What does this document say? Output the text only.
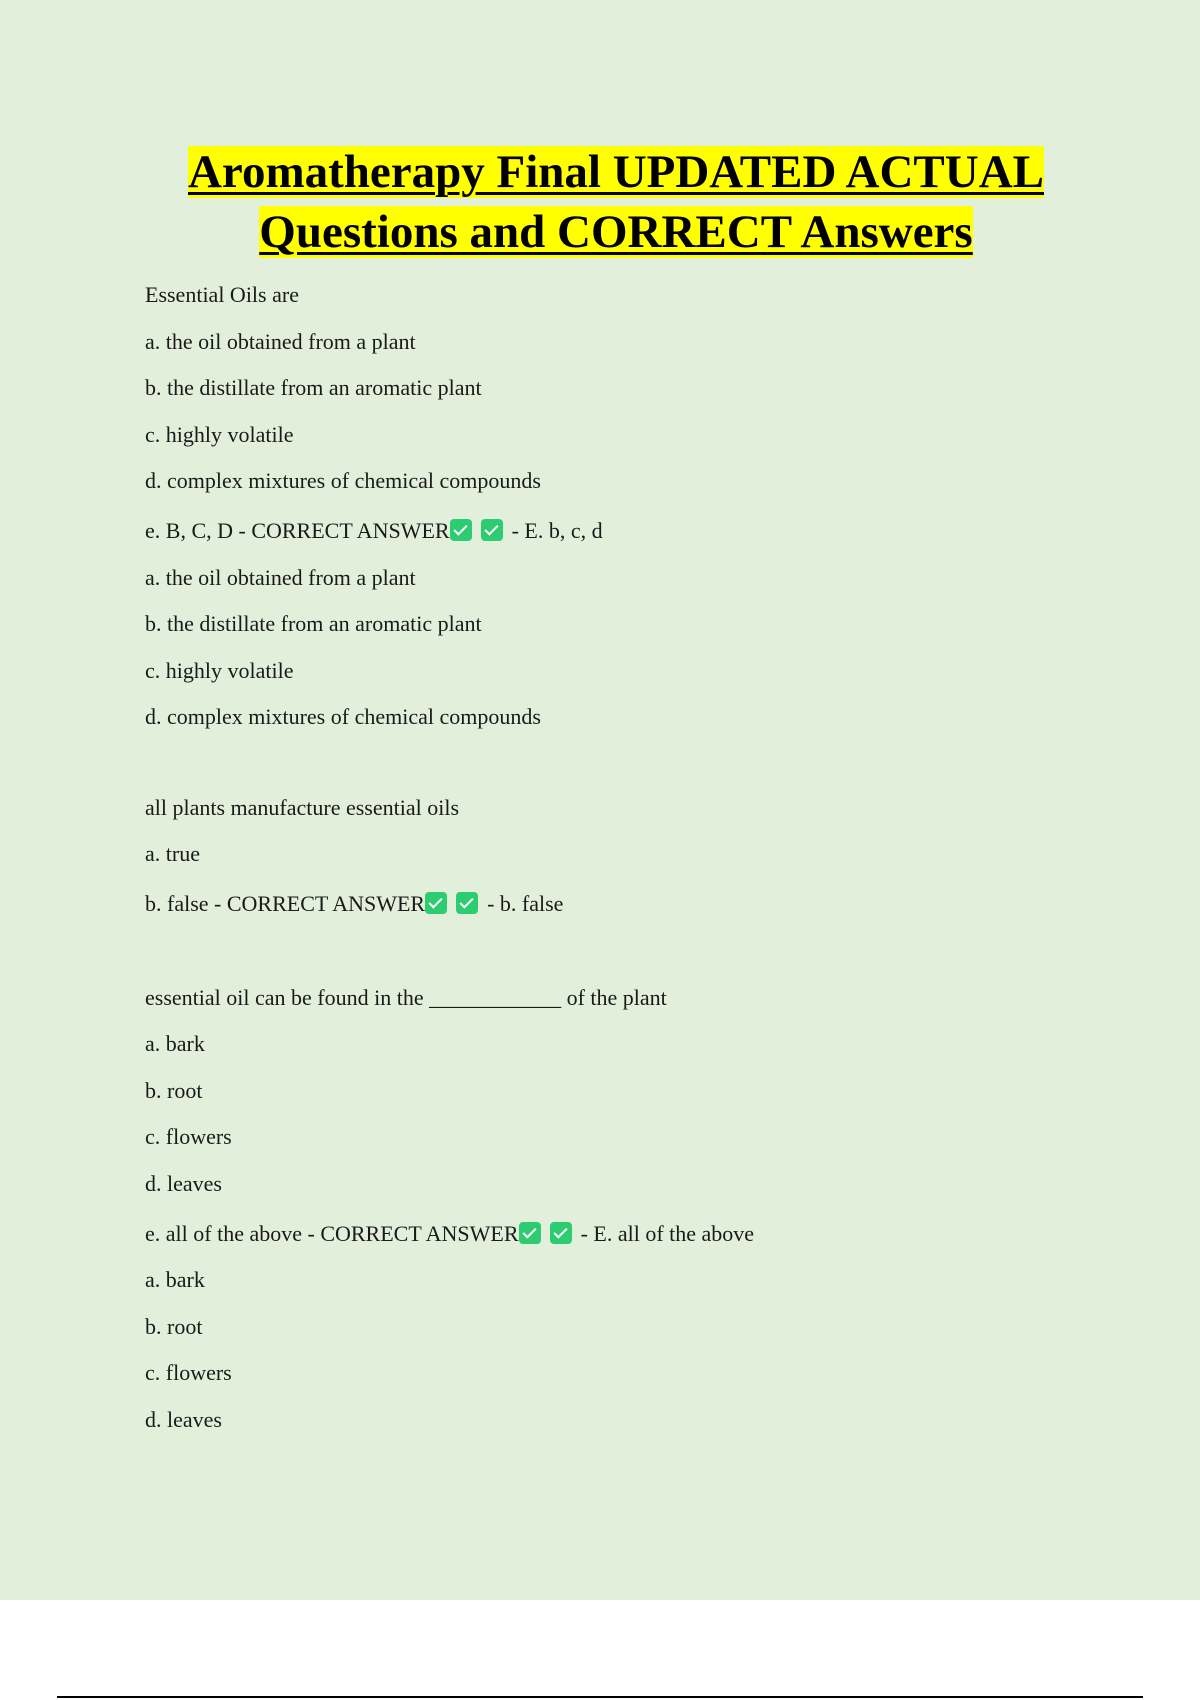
Aromatherapy Final UPDATED ACTUAL
Questions and CORRECT Answers
Essential Oils are
a. the oil obtained from a plant
b. the distillate from an aromatic plant
c. highly volatile
d. complex mixtures of chemical compounds
e. B, C, D - CORRECT ANSWER	- E. b, c, d
a. the oil obtained from a plant
b. the distillate from an aromatic plant
c. highly volatile
d. complex mixtures of chemical compounds
all plants manufacture essential oils
a. true
b. false - CORRECT ANSWER	- b. false
essential oil can be found in the ____________ of the plant
a. bark
b. root
c. flowers
d. leaves
e. all of the above - CORRECT ANSWER	- E. all of the above
a. bark
b. root
c. flowers
d. leaves
